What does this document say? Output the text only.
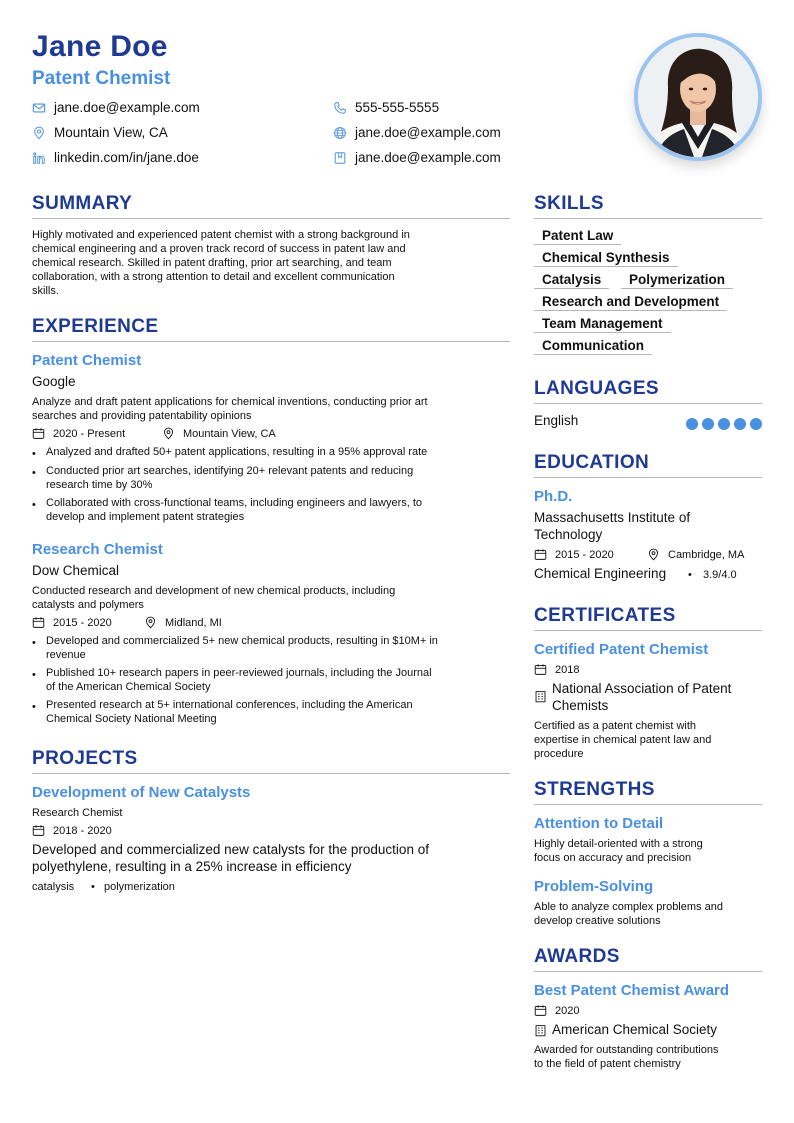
Jane Doe
Patent Chemist
jane.doe@example.com	555-555-5555
Mountain View, CA	jane.doe@example.com
linkedin.com/in/jane.doe	jane.doe@example.com
SUMMARY
Highly motivated and experienced patent chemist with a strong background in
chemical engineering and a proven track record of success in patent law and
chemical research. Skilled in patent drafting, prior art searching, and team
collaboration, with a strong attention to detail and excellent communication
skills.
EXPERIENCE
Patent Chemist
Google
Analyze and draft patent applications for chemical inventions, conducting prior art
searches and providing patentability opinions
2020 - Present	Mountain View, CA
• Analyzed and drafted 50+ patent applications, resulting in a 95% approval rate
• Conducted prior art searches, identifying 20+ relevant patents and reducing
research time by 30%
• Collaborated with cross-functional teams, including engineers and lawyers, to
develop and implement patent strategies
Research Chemist
Dow Chemical
Conducted research and development of new chemical products, including
catalysts and polymers
2015 - 2020	Midland, MI
• Developed and commercialized 5+ new chemical products, resulting in $10M+ in
revenue
• Published 10+ research papers in peer-reviewed journals, including the Journal
of the American Chemical Society
• Presented research at 5+ international conferences, including the American
Chemical Society National Meeting
PROJECTS
Development of New Catalysts
Research Chemist
2018 - 2020
Developed and commercialized new catalysts for the production of
polyethylene, resulting in a 25% increase in efficiency
catalysis • polymerization
SKILLS
Patent Law
Chemical Synthesis
Catalysis	Polymerization
Research and Development
Team Management
Communication
LANGUAGES
English
EDUCATION
Ph.D.
Massachusetts Institute of
Technology
2015 - 2020	Cambridge, MA
Chemical Engineering • 3.9/4.0
CERTIFICATES
Certified Patent Chemist
2018
National Association of Patent
Chemists
Certified as a patent chemist with
expertise in chemical patent law and
procedure
STRENGTHS
Attention to Detail
Highly detail-oriented with a strong
focus on accuracy and precision
Problem-Solving
Able to analyze complex problems and
develop creative solutions
AWARDS
Best Patent Chemist Award
2020
American Chemical Society
Awarded for outstanding contributions
to the field of patent chemistry
